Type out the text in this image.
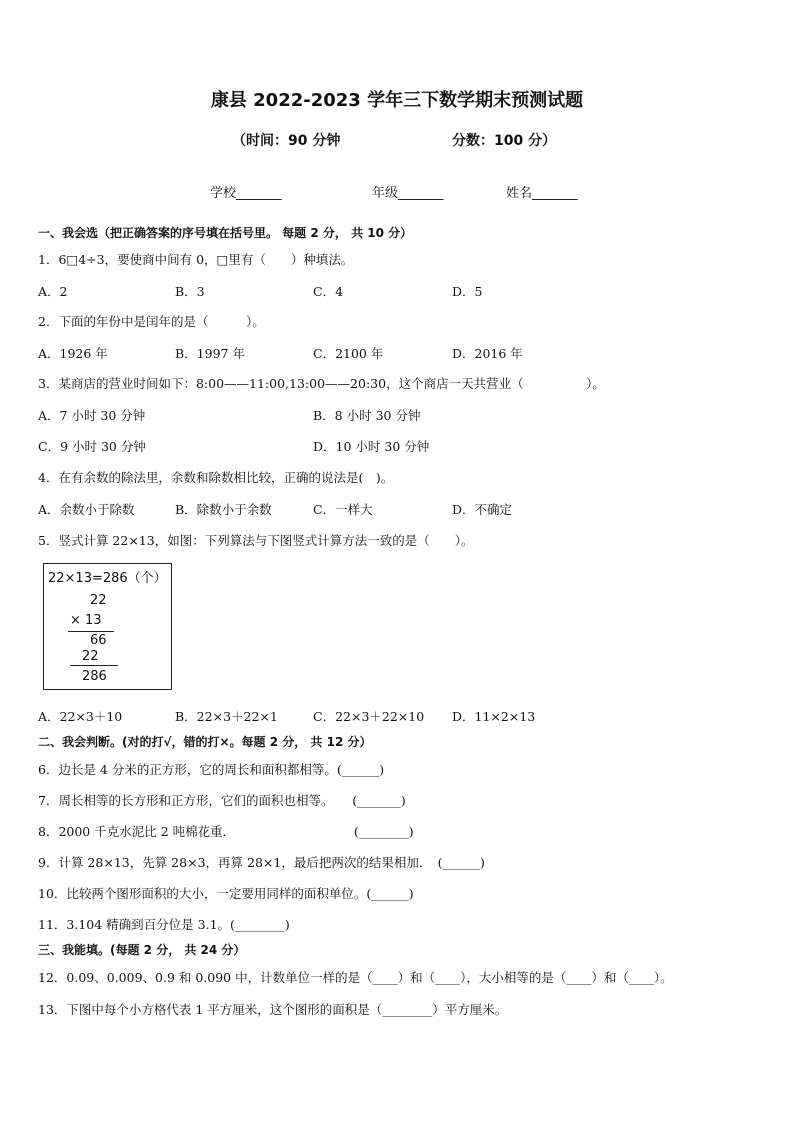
康县 2022-2023 学年三下数学期末预测试题
（时间：90 分钟	分数：100 分）
学校_______	年级_______	姓名_______
一、我会选（把正确答案的序号填在括号里。 每题 2 分， 共 10 分）
1．6□4÷3，要使商中间有 0，□里有（　　）种填法。
A．2	B．3	C．4	D．5
2．下面的年份中是闰年的是（　　　）。
A．1926 年	B．1997 年	C．2100 年	D．2016 年
3．某商店的营业时间如下：8:00——11:00,13:00——20:30，这个商店一天共营业（　　　　　）。
A．7 小时 30 分钟	B．8 小时 30 分钟
C．9 小时 30 分钟	D．10 小时 30 分钟
4．在有余数的除法里，余数和除数相比较，正确的说法是(　)。
A．余数小于除数	B．除数小于余数	C．一样大	D．不确定
5．竖式计算 22×13，如图：下列算法与下图竖式计算方法一致的是（　　）。
22×13=286（个）
22
× 13
66
22
286
A．22×3＋10	B．22×3＋22×1	C．22×3＋22×10 D．11×2×13
二、我会判断。(对的打√，错的打×。每题 2 分， 共 12 分）
6．边长是 4 分米的正方形，它的周长和面积都相等。(______)
7．周长相等的长方形和正方形，它们的面积也相等。　　(_______)
8．2000 千克水泥比 2 吨棉花重．　　　　　　　　　　(________)
9．计算 28×13，先算 28×3，再算 28×1，最后把两次的结果相加．　(______)
10．比较两个图形面积的大小，一定要用同样的面积单位。(______)
11．3.104 精确到百分位是 3.1。(________)
三、我能填。(每题 2 分， 共 24 分）
12．0.09、0.009、0.9 和 0.090 中，计数单位一样的是（____）和（____），大小相等的是（____）和（____）。
13．下图中每个小方格代表 1 平方厘米，这个图形的面积是（________）平方厘米。
